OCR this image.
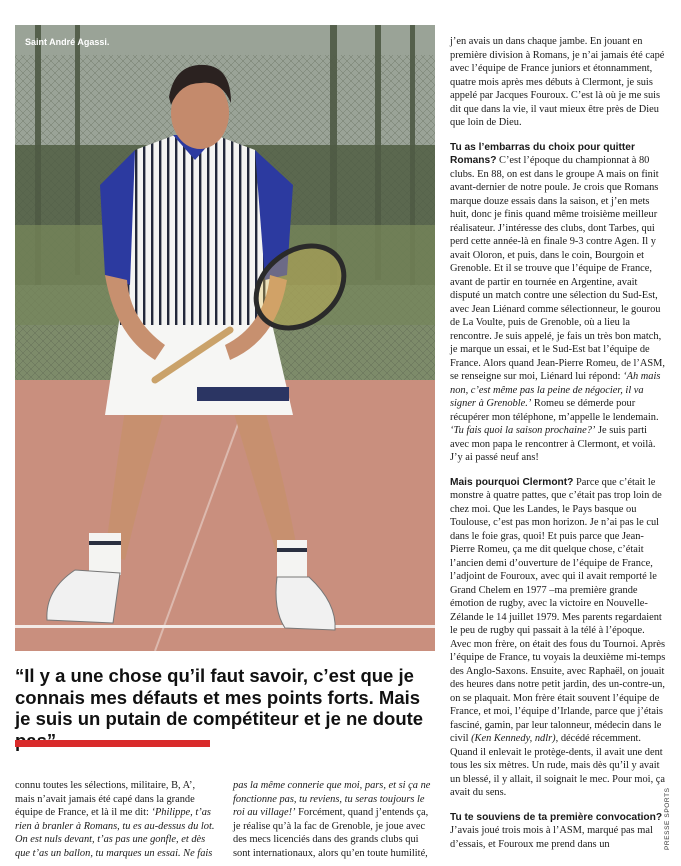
Saint André Agassi.

“Il y a une chose qu’il faut savoir, c’est que je connais mes défauts et mes points forts. Mais je suis un putain de compétiteur et je ne doute

connu toutes les sélections, militaire, B, A’, mais n’avait jamais été capé dans la grande équipe de France, et là il me dit: ‘Philippe, t’as rien à branler à Romans, tu es au-dessus du lot. On est nuls devant, t’as pas une gonfle, et dès que t’as un ballon, tu marques un essai. Ne fais

pas la même connerie que moi, pars, et si ça ne fonctionne pas, tu reviens, tu seras toujours le roi au village!’ Forcément, quand j’entends ça, je réalise qu’à la fac de Grenoble, je joue avec des mecs licenciés dans des grands clubs qui sont internationaux, alors qu’en toute humilité,

j’en avais un dans chaque jambe. En jouant en première division à Romans, je n’ai jamais été capé avec l’équipe de France juniors et étonnamment, quatre mois après mes débuts à Clermont, je suis appelé par Jacques Fouroux. C’est là où je me suis dit que dans la vie, il vaut mieux être près de Dieu que loin de Dieu.

Tu as l’embarras du choix pour quitter Romans? C’est l’époque du championnat à 80 clubs. En 88, on est dans le groupe A mais on finit avant-dernier de notre poule. Je crois que Romans marque douze essais dans la saison, et j’en mets huit, donc je finis quand même troisième meilleur réalisateur. J’intéresse des clubs, dont Tarbes, qui perd cette année-là en finale 9-3 contre Agen. Il y avait Oloron, et puis, dans le coin, Bourgoin et Grenoble. Et il se trouve que l’équipe de France, avant de partir en tournée en Argentine, avait disputé un match contre une sélection du Sud-Est, avec Jean Liénard comme sélectionneur, le gourou de La Voulte, puis de Grenoble, où a lieu la rencontre. Je suis appelé, je fais un très bon match, je marque un essai, et le Sud-Est bat l’équipe de France. Alors quand Jean-Pierre Romeu, de l’ASM, se renseigne sur moi, Liénard lui répond: ‘Ah mais non, c’est même pas la peine de négocier, il va signer à Grenoble.’ Romeu se démerde pour récupérer mon téléphone, m’appelle le lendemain. ‘Tu fais quoi la saison prochaine?’ Je suis parti avec mon papa le rencontrer à Clermont, et voilà. J’y ai passé neuf ans!

Mais pourquoi Clermont? Parce que c’était le monstre à quatre pattes, que c’était pas trop loin de chez moi. Que les Landes, le Pays basque ou Toulouse, c’est pas mon horizon. Je n’ai pas le cul dans le foie gras, quoi! Et puis parce que Jean-Pierre Romeu, ça me dit quelque chose, c’était l’ancien demi d’ouverture de l’équipe de France, l’adjoint de Fouroux, avec qui il avait remporté le Grand Chelem en 1977 –ma première grande émotion de rugby, avec la victoire en Nouvelle-Zélande le 14 juillet 1979. Mes parents regardaient le peu de rugby qui passait à la télé à l’époque. Avec mon frère, on était des fous du Tournoi. Après l’équipe de France, tu voyais la deuxième mi-temps des Anglo-Saxons. Ensuite, avec Raphaël, on jouait des heures dans notre petit jardin, des un-contre-un, on se plaquait. Mon frère était souvent l’équipe de France, et moi, l’équipe d’Irlande, parce que j’étais fasciné, gamin, par leur talonneur, médecin dans le civil (Ken Kennedy, ndlr), décédé récemment. Quand il enlevait le protège-dents, il avait une dent tous les six mètres. Un rude, mais dès qu’il y avait un blessé, il y allait, il soignait le mec. Pour moi, ça avait du sens.

Tu te souviens de ta première convocation? J’avais joué trois mois à l’ASM, marqué pas mal d’essais, et Fouroux me prend dans un	PRESSE SPORTS
